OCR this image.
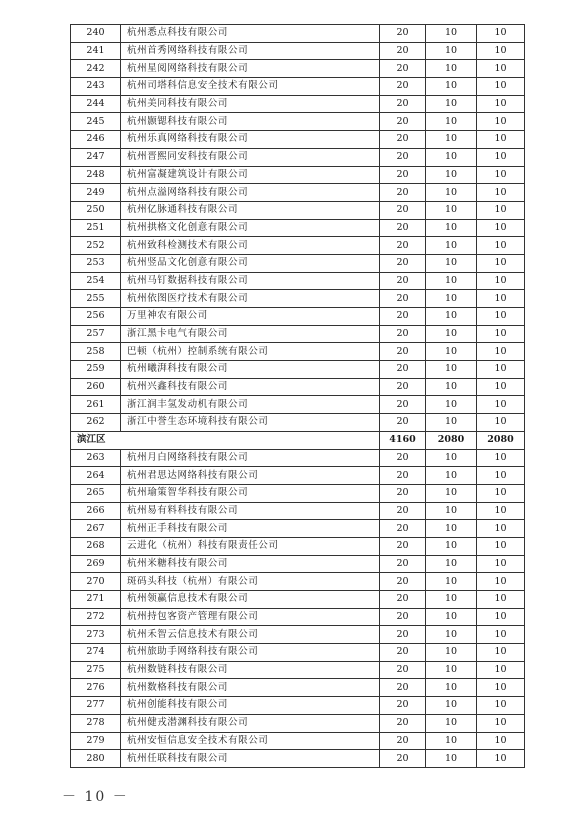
240	杭州悉点科技有限公司	20	10	10
241	杭州首秀网络科技有限公司	20	10	10
242	杭州星阅网络科技有限公司	20	10	10
243	杭州司塔科信息安全技术有限公司	20	10	10
244	杭州美同科技有限公司	20	10	10
245	杭州颢锶科技有限公司	20	10	10
246	杭州乐真网络科技有限公司	20	10	10
247	杭州晋熙同安科技有限公司	20	10	10
248	杭州富凝建筑设计有限公司	20	10	10
249	杭州点溢网络科技有限公司	20	10	10
250	杭州亿脉通科技有限公司	20	10	10
251	杭州拱格文化创意有限公司	20	10	10
252	杭州致科检测技术有限公司	20	10	10
253	杭州竖品文化创意有限公司	20	10	10
254	杭州马钉数据科技有限公司	20	10	10
255	杭州依图医疗技术有限公司	20	10	10
256	万里神农有限公司	20	10	10
257	浙江黑卡电气有限公司	20	10	10
258	巴顿（杭州）控制系统有限公司	20	10	10
259	杭州曦湃科技有限公司	20	10	10
260	杭州兴鑫科技有限公司	20	10	10
261	浙江润丰氢发动机有限公司	20	10	10
262	浙江中誉生态环境科技有限公司	20	10	10
滨江区		4160	2080	2080
263	杭州月白网络科技有限公司	20	10	10
264	杭州君思达网络科技有限公司	20	10	10
265	杭州瑜策智华科技有限公司	20	10	10
266	杭州易有料科技有限公司	20	10	10
267	杭州正手科技有限公司	20	10	10
268	云进化（杭州）科技有限责任公司	20	10	10
269	杭州米糖科技有限公司	20	10	10
270	斑码头科技（杭州）有限公司	20	10	10
271	杭州领赢信息技术有限公司	20	10	10
272	杭州持包客资产管理有限公司	20	10	10
273	杭州禾智云信息技术有限公司	20	10	10
274	杭州旅助手网络科技有限公司	20	10	10
275	杭州数链科技有限公司	20	10	10
276	杭州数格科技有限公司	20	10	10
277	杭州创能科技有限公司	20	10	10
278	杭州健戎潜渊科技有限公司	20	10	10
279	杭州安恒信息安全技术有限公司	20	10	10
280	杭州任联科技有限公司	20	10	10
－ 10 －
